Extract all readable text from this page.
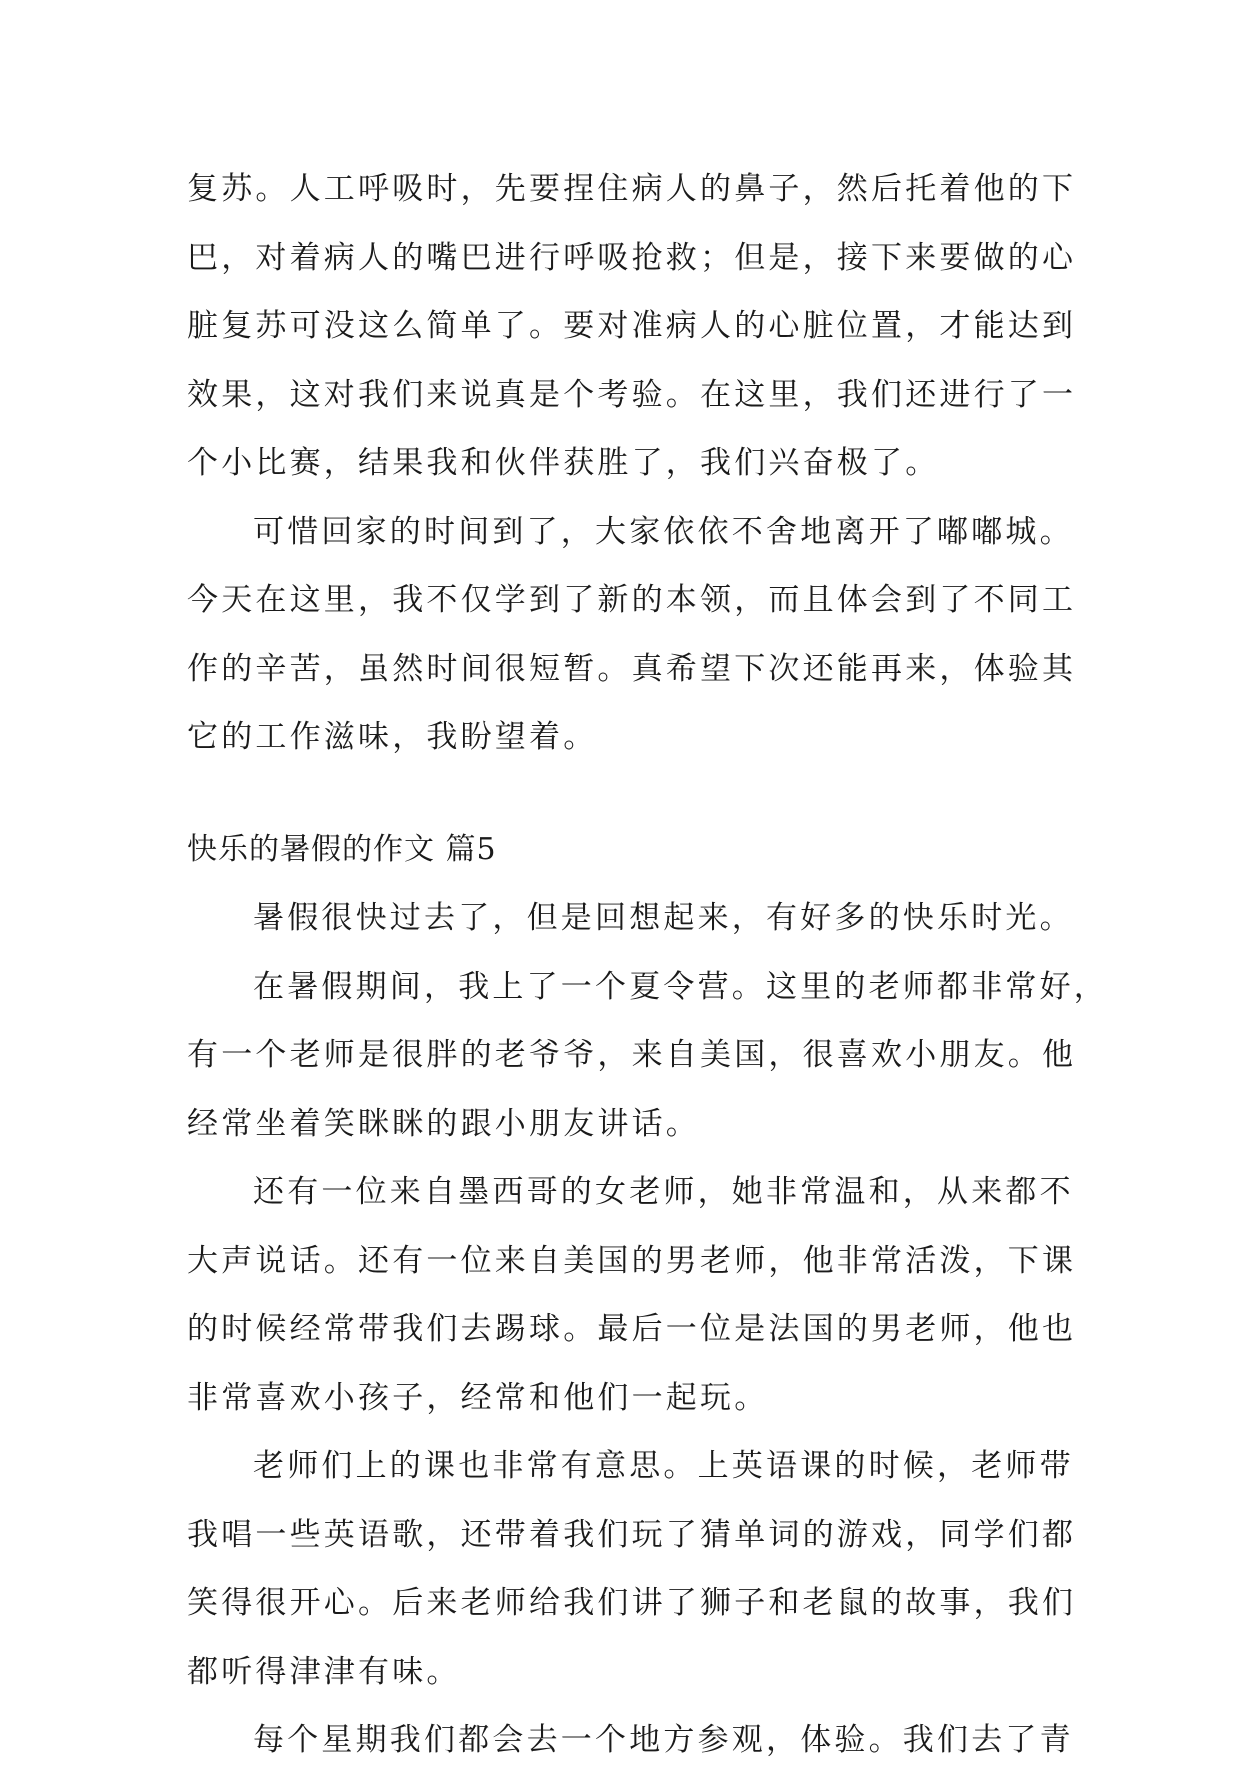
复苏。人工呼吸时，先要捏住病人的鼻子，然后托着他的下
巴，对着病人的嘴巴进行呼吸抢救；但是，接下来要做的心
脏复苏可没这么简单了。要对准病人的心脏位置，才能达到
效果，这对我们来说真是个考验。在这里，我们还进行了一
个小比赛，结果我和伙伴获胜了，我们兴奋极了。
可惜回家的时间到了，大家依依不舍地离开了嘟嘟城。
今天在这里，我不仅学到了新的本领，而且体会到了不同工
作的辛苦，虽然时间很短暂。真希望下次还能再来，体验其
它的工作滋味，我盼望着。
快乐的暑假的作文 篇5
暑假很快过去了，但是回想起来，有好多的快乐时光。
在暑假期间，我上了一个夏令营。这里的老师都非常好，
有一个老师是很胖的老爷爷，来自美国，很喜欢小朋友。他
经常坐着笑眯眯的跟小朋友讲话。
还有一位来自墨西哥的女老师，她非常温和，从来都不
大声说话。还有一位来自美国的男老师，他非常活泼，下课
的时候经常带我们去踢球。最后一位是法国的男老师，他也
非常喜欢小孩子，经常和他们一起玩。
老师们上的课也非常有意思。上英语课的时候，老师带
我唱一些英语歌，还带着我们玩了猜单词的游戏，同学们都
笑得很开心。后来老师给我们讲了狮子和老鼠的故事，我们
都听得津津有味。
每个星期我们都会去一个地方参观，体验。我们去了青
